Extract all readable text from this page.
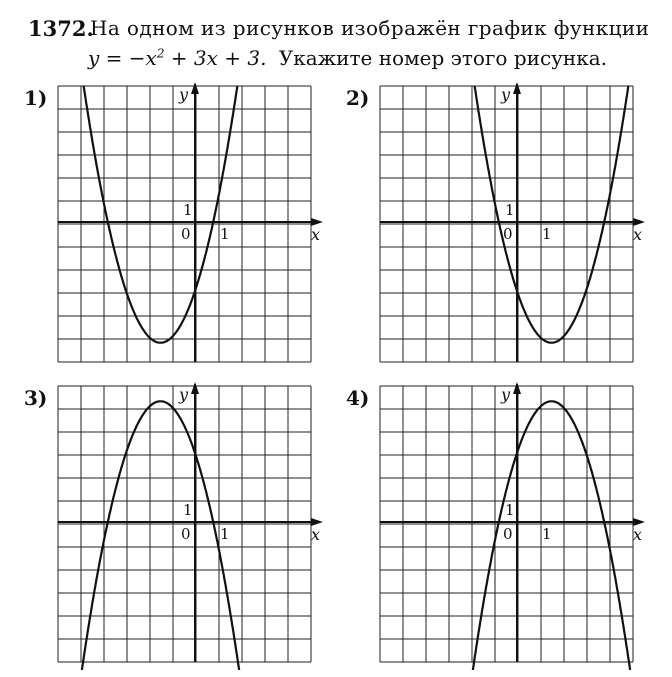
1372.
На одном из рисунков изображён график функции
$y = -x^2 + 3x + 3$. Укажите номер этого рисунка.
1)	2)
3)	4)
x
y
0 1
1
x
y
0 1
1
x
y
0 1
1
x
y
0 1
1
